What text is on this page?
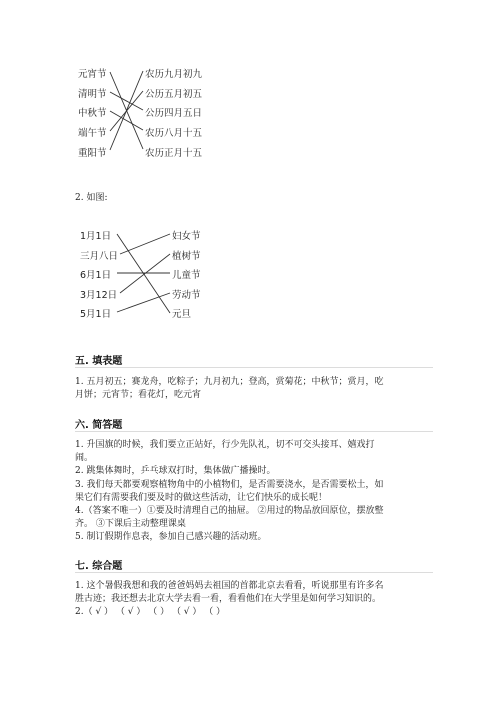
元宵节
清明节
中秋节
端午节
重阳节
农历九月初九
公历五月初五
公历四月五日
农历八月十五
农历正月十五
2. 如图:
1月1日
三月八日
6月1日
3月12日
5月1日
妇女节
植树节
儿童节
劳动节
元旦
五. 填表题
1. 五月初五；赛龙舟，吃粽子；九月初九；登高，赏菊花；中秋节；赏月，吃
月饼；元宵节；看花灯，吃元宵
六. 简答题
1. 升国旗的时候，我们要立正站好，行少先队礼，切不可交头接耳、嬉戏打
闹。
2. 跳集体舞时，乒乓球双打时，集体做广播操时。
3. 我们每天都要观察植物角中的小植物们，是否需要浇水，是否需要松土，如
果它们有需要我们要及时的做这些活动，让它们快乐的成长呢！
4.（答案不唯一）①要及时清理自己的抽屉。 ②用过的物品放回原位，摆放整
齐。 ③下课后主动整理课桌
5. 制订假期作息表，参加自己感兴趣的活动班。
七. 综合题
1. 这个暑假我想和我的爸爸妈妈去祖国的首都北京去看看，听说那里有许多名
胜古迹；我还想去北京大学去看一看，看看他们在大学里是如何学习知识的。
2.（ √ ） （ √ ） （ ） （ √ ） （ ）
